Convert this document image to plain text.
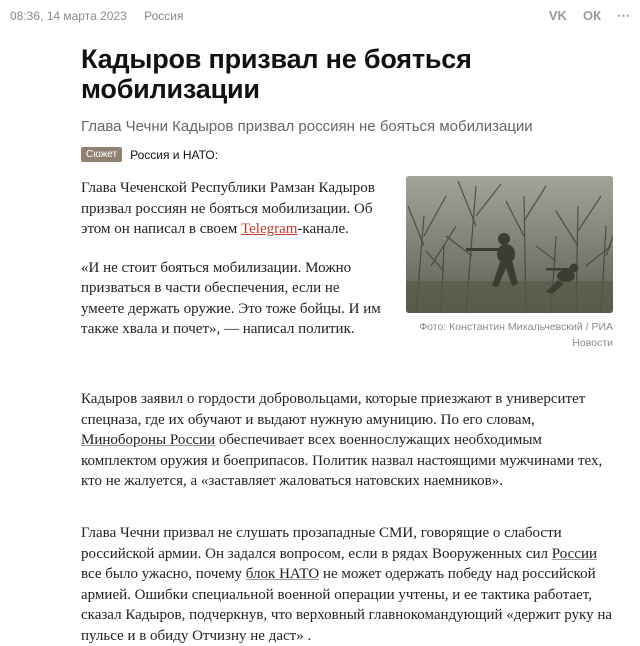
08:36, 14 марта 2023 Россия	VK ОК ⋯
Кадыров призвал не бояться мобилизации
Глава Чечни Кадыров призвал россиян не бояться мобилизации
Сюжет	Россия и НАТО:
Фото: Константин Михальчевский / РИА Новости

Глава Чеченской Республики Рамзан Кадыров призвал россиян не бояться мобилизации. Об этом он написал в своем Telegram-канале.

«И не стоит бояться мобилизации. Можно призваться в части обеспечения, если не умеете держать оружие. Это тоже бойцы. И им также хвала и почет», — написал политик.

Кадыров заявил о гордости добровольцами, которые приезжают в университет спецназа, где их обучают и выдают нужную амуницию. По его словам, Минобороны России обеспечивает всех военнослужащих необходимым комплектом оружия и боеприпасов. Политик назвал настоящими мужчинами тех, кто не жалуется, а «заставляет жаловаться натовских наемников».

Глава Чечни призвал не слушать прозападные СМИ, говорящие о слабости российской армии. Он задался вопросом, если в рядах Вооруженных сил России все было ужасно, почему блок НАТО не может одержать победу над российской армией. Ошибки специальной военной операции учтены, и ее тактика работает, сказал Кадыров, подчеркнув, что верховный главнокомандующий «держит руку на пульсе и в обиду Отчизну не даст» .
